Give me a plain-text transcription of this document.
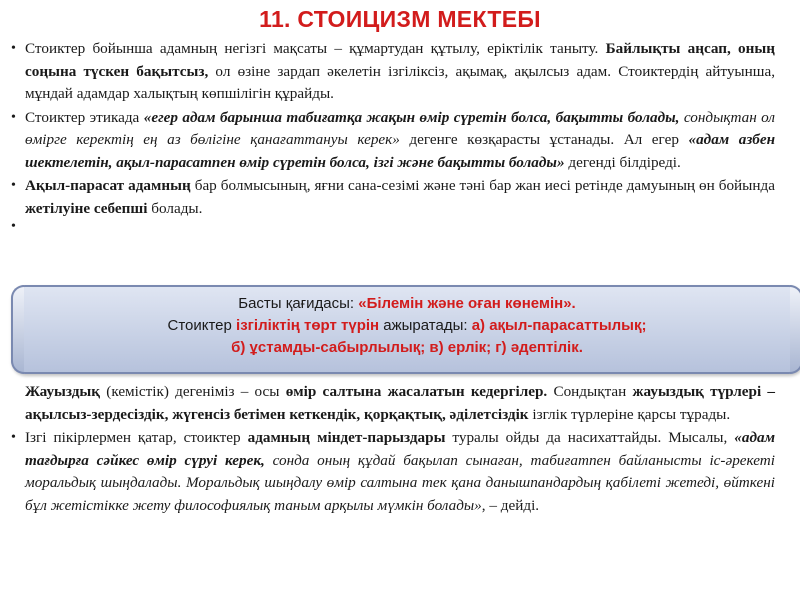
11. СТОИЦИЗМ МЕКТЕБІ
• Стоиктер бойынша адамның негізгі мақсаты – құмартудан құтылу, еріктілік таныту. Байлықты аңсап, оның соңына түскен бақытсыз, ол өзіне зардап әкелетін ізгіліксіз, ақымақ, ақылсыз адам. Стоиктердің айтуынша, мұндай адамдар халықтың көпшілігін құрайды.
• Стоиктер этикада «егер адам барынша табиғатқа жақын өмір сүретін болса, бақытты болады, сондықтан ол өмірге керектің ең аз бөлігіне қанағаттануы керек» дегенге көзқарасты ұстанады. Ал егер «адам азбен шектелетін, ақыл-парасатпен өмір сүретін болса, ізгі және бақытты болады» дегенді білдіреді.
• Ақыл-парасат адамның бар болмысының, яғни сана-сезімі және тәні бар жан иесі ретінде дамуының өн бойында жетілуіне себепші болады.
•
Басты қағидасы: «Білемін және оған көнемін».
Стоиктер ізгіліктің төрт түрін ажыратады: а) ақыл-парасаттылық;
б) ұстамды-сабырлылық; в) ерлік; г) әдептілік.
Жауыздық (кемістік) дегеніміз – осы өмір салтына жасалатын кедергілер. Сондықтан жауыздық түрлері – ақылсыз-зердесіздік, жүгенсіз бетімен кеткендік, қорқақтық, әділетсіздік ізглік түрлеріне қарсы тұрады.
• Ізгі пікірлермен қатар, стоиктер адамның міндет-парыздары туралы ойды да насихаттайды. Мысалы, «адам тағдырға сәйкес өмір сүруі керек, сонда оның құдай бақылап сынаған, табиғатпен байланысты іс-әрекеті моральдық шыңдалады. Моральдық шыңдалу өмір салтына тек қана данышпандардың қабілеті жетеді, өйткені бұл жетістікке жету философиялық таным арқылы мүмкін болады», – дейді.
